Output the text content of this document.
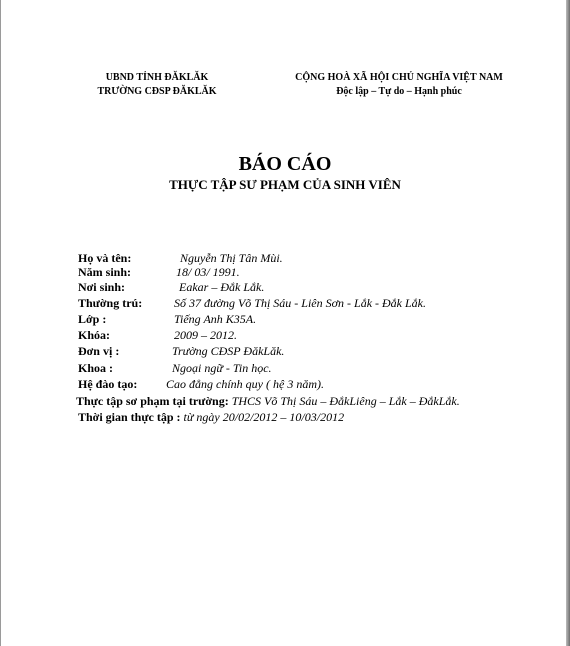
UBND TỈNH ĐĂKLĂK
TRƯỜNG CĐSP ĐĂKLĂK
CỘNG HOÀ XÃ HỘI CHỦ NGHĨA VIỆT NAM
Độc lập – Tự do – Hạnh phúc
BÁO CÁO
THỰC TẬP SƯ PHẠM CỦA SINH VIÊN
Họ và tên:	Nguyễn Thị Tân Mùi.
Năm sinh:	18/ 03/ 1991.
Nơi sinh:	Eakar – Đắk Lắk.
Thường trú:	Số 37 đường Võ Thị Sáu - Liên Sơn - Lắk - Đắk Lắk.
Lớp :	Tiếng Anh K35A.
Khóa:	2009 – 2012.
Đơn vị :	Trường CĐSP ĐăkLăk.
Khoa :	Ngoại ngữ - Tin học.
Hệ đào tạo: Cao đẳng chính quy ( hệ 3 năm).
Thực tập sơ phạm tại trường: THCS Võ Thị Sáu – ĐắkLiêng – Lắk – ĐắkLắk.
Thời gian thực tập : từ ngày 20/02/2012 – 10/03/2012
